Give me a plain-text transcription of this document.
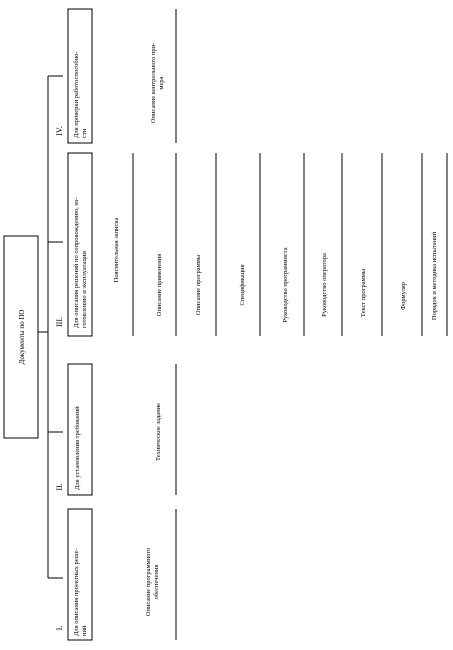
Документы по ПО
I. Для описания проектных реше- ний
Описание программного обеспечения
II. Для установления требований	Техническое задание
III. Для описания решений по сопровождению, из- готовлению и эксплуатации
Пояснительная записка
Описание применения	Описание программы	Спецификация	Руководство программиста	Руководство оператора	Текст программы	Формуляр	Порядок и методика испытаний
IV. Для проверки работоспособно- сти
Описание контрольного при- мера
